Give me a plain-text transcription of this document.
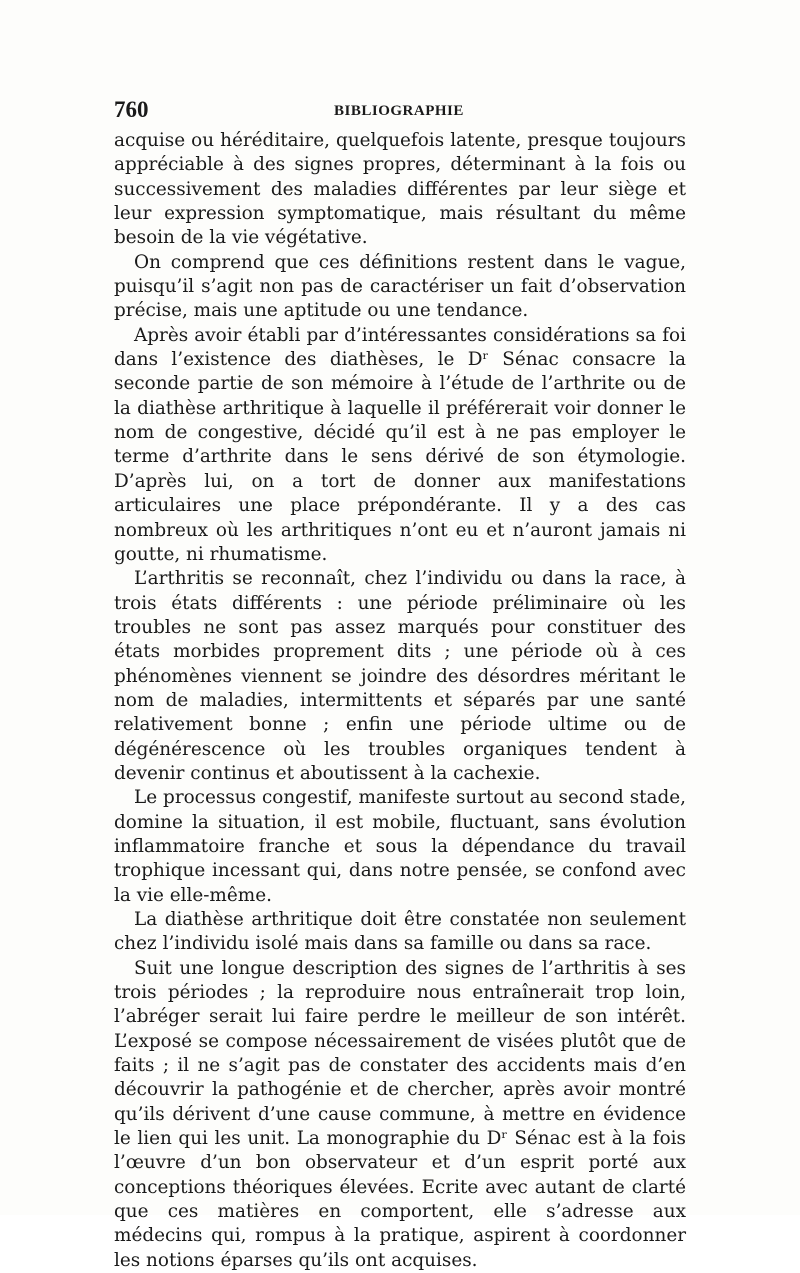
760	BIBLIOGRAPHIE

acquise ou héréditaire, quelquefois latente, presque toujours appréciable à des signes propres, déterminant à la fois ou successivement des maladies différentes par leur siège et leur expression symptomatique, mais résultant du même besoin de la vie végétative.

On comprend que ces définitions restent dans le vague, puisqu’il s’agit non pas de caractériser un fait d’observation précise, mais une aptitude ou une tendance.

Après avoir établi par d’intéressantes considérations sa foi dans l’existence des diathèses, le Dʳ Sénac consacre la seconde partie de son mémoire à l’étude de l’arthrite ou de la diathèse arthritique à laquelle il préférerait voir donner le nom de congestive, décidé qu’il est à ne pas employer le terme d’arthrite dans le sens dérivé de son étymologie. D’après lui, on a tort de donner aux manifestations articulaires une place prépondérante. Il y a des cas nombreux où les arthritiques n’ont eu et n’auront jamais ni goutte, ni rhumatisme.

L’arthritis se reconnaît, chez l’individu ou dans la race, à trois états différents : une période préliminaire où les troubles ne sont pas assez marqués pour constituer des états morbides proprement dits ; une période où à ces phénomènes viennent se joindre des désordres méritant le nom de maladies, intermittents et séparés par une santé relativement bonne ; enfin une période ultime ou de dégénérescence où les troubles organiques tendent à devenir continus et aboutissent à la cachexie.

Le processus congestif, manifeste surtout au second stade, domine la situation, il est mobile, fluctuant, sans évolution inflammatoire franche et sous la dépendance du travail trophique incessant qui, dans notre pensée, se confond avec la vie elle-même.

La diathèse arthritique doit être constatée non seulement chez l’individu isolé mais dans sa famille ou dans sa race.

Suit une longue description des signes de l’arthritis à ses trois périodes ; la reproduire nous entraînerait trop loin, l’abréger serait lui faire perdre le meilleur de son intérêt. L’exposé se compose nécessairement de visées plutôt que de faits ; il ne s’agit pas de constater des accidents mais d’en découvrir la pathogénie et de chercher, après avoir montré qu’ils dérivent d’une cause commune, à mettre en évidence le lien qui les unit. La monographie du Dʳ Sénac est à la fois l’œuvre d’un bon observateur et d’un esprit porté aux conceptions théoriques élevées. Ecrite avec autant de clarté que ces matières en comportent, elle s’adresse aux médecins qui, rompus à la pratique, aspirent à coordonner les notions éparses qu’ils ont acquises.
